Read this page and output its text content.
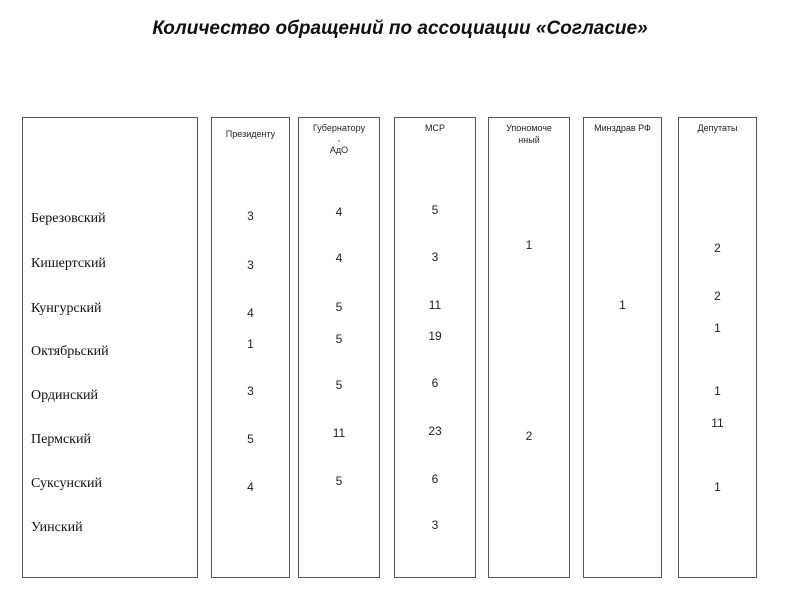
Количество обращений по ассоциации «Согласие»
Березовский
Кишертский
Кунгурский
Октябрьский
Ординский
Пермский
Суксунский
Уинский
Президенту
3
3
4
1
3
5
4
Губернатору
,
АдО
4
4
5
5
5
11
5
МСР
5
3
11
19
6
23
6
3
Упономоче
нный
1
2
Минздрав РФ
1
Депутаты
2
2
1
1
11
1
